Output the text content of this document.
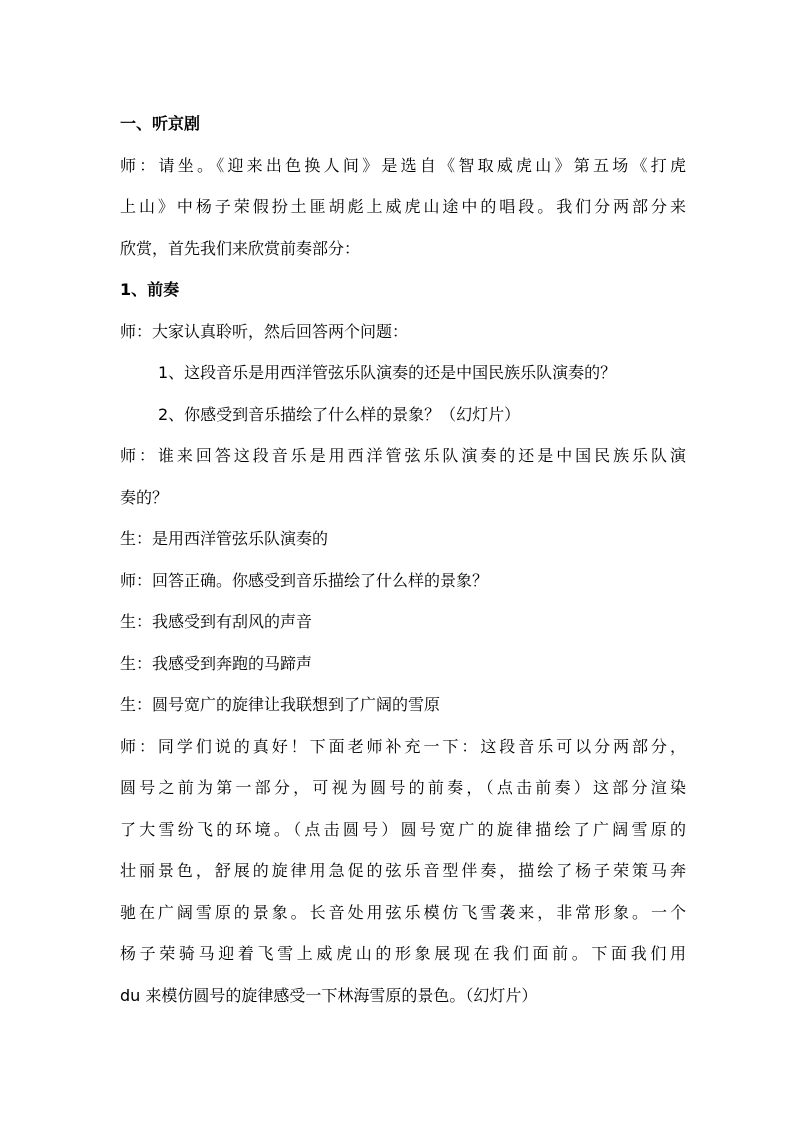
一、听京剧

师：请坐。《迎来出色换人间》是选自《智取威虎山》第五场《打虎

上山》中杨子荣假扮土匪胡彪上威虎山途中的唱段。我们分两部分来

欣赏，首先我们来欣赏前奏部分：

1、前奏

师：大家认真聆听，然后回答两个问题：

1、这段音乐是用西洋管弦乐队演奏的还是中国民族乐队演奏的？

2、你感受到音乐描绘了什么样的景象？（幻灯片）

师：谁来回答这段音乐是用西洋管弦乐队演奏的还是中国民族乐队演

奏的？

生：是用西洋管弦乐队演奏的

师：回答正确。你感受到音乐描绘了什么样的景象？

生：我感受到有刮风的声音

生：我感受到奔跑的马蹄声

生：圆号宽广的旋律让我联想到了广阔的雪原

师：同学们说的真好！下面老师补充一下：这段音乐可以分两部分，

圆号之前为第一部分，可视为圆号的前奏，（点击前奏）这部分渲染

了大雪纷飞的环境。（点击圆号）圆号宽广的旋律描绘了广阔雪原的

壮丽景色，舒展的旋律用急促的弦乐音型伴奏，描绘了杨子荣策马奔

驰在广阔雪原的景象。长音处用弦乐模仿飞雪袭来，非常形象。一个

杨子荣骑马迎着飞雪上威虎山的形象展现在我们面前。下面我们用

du 来模仿圆号的旋律感受一下林海雪原的景色。（幻灯片）
